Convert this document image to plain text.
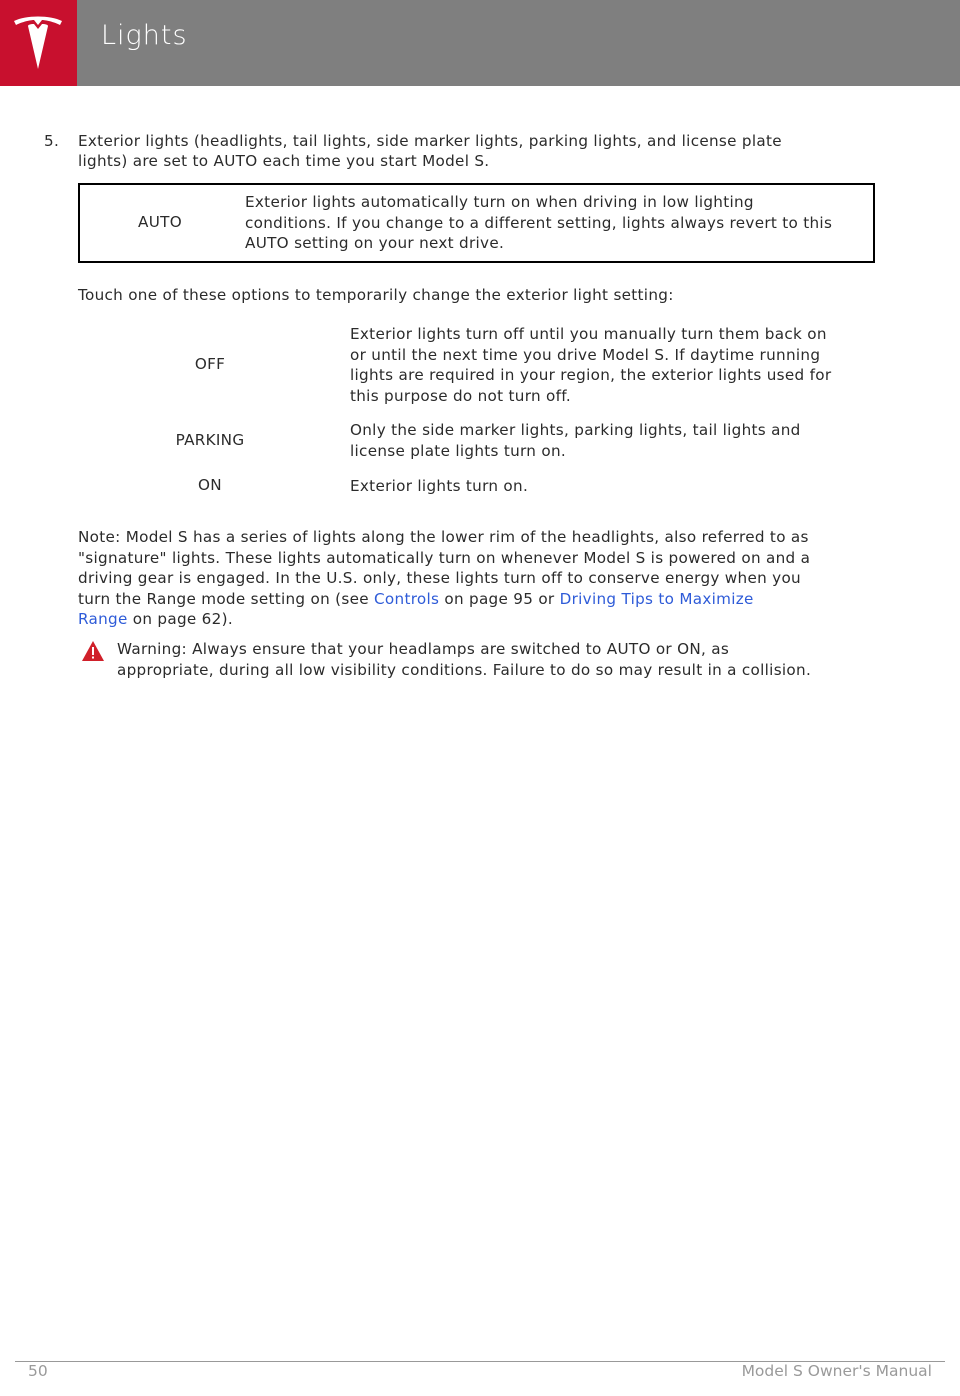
Lights
5. Exterior lights (headlights, tail lights, side marker lights, parking lights, and license plate
lights) are set to AUTO each time you start Model S.
AUTO
Exterior lights automatically turn on when driving in low lighting
conditions. If you change to a different setting, lights always revert to this
AUTO setting on your next drive.
Touch one of these options to temporarily change the exterior light setting:
OFF
Exterior lights turn off until you manually turn them back on
or until the next time you drive Model S. If daytime running
lights are required in your region, the exterior lights used for
this purpose do not turn off.
PARKING
Only the side marker lights, parking lights, tail lights and
license plate lights turn on.
ON	Exterior lights turn on.
Note: Model S has a series of lights along the lower rim of the headlights, also referred to as
"signature" lights. These lights automatically turn on whenever Model S is powered on and a
driving gear is engaged. In the U.S. only, these lights turn off to conserve energy when you
turn the Range mode setting on (see Controls on page 95 or Driving Tips to Maximize
Range on page 62).
Warning: Always ensure that your headlamps are switched to AUTO or ON, as
appropriate, during all low visibility conditions. Failure to do so may result in a collision.
50	Model S Owner's Manual
